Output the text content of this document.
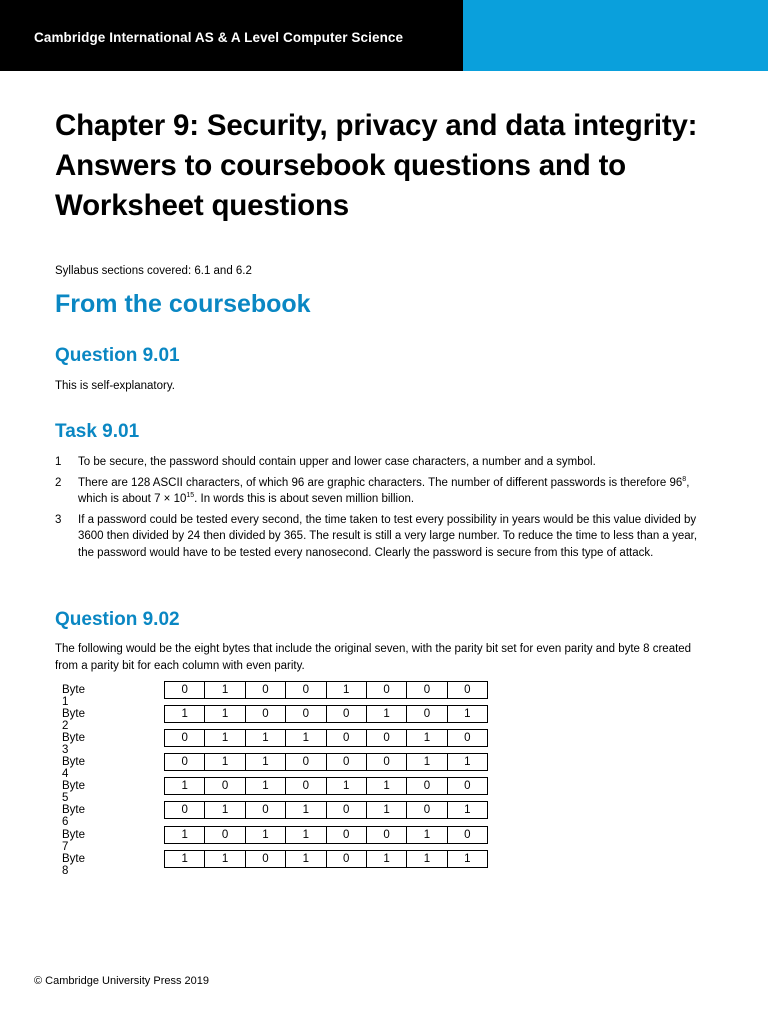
Cambridge International AS & A Level Computer Science
Chapter 9: Security, privacy and data integrity: Answers to coursebook questions and to Worksheet questions
Syllabus sections covered: 6.1 and 6.2
From the coursebook
Question 9.01
This is self-explanatory.
Task 9.01
1	To be secure, the password should contain upper and lower case characters, a number and a symbol.
2	There are 128 ASCII characters, of which 96 are graphic characters. The number of different passwords is therefore $96^8$, which is about $7 \times 10^{15}$. In words this is about seven million billion.
3	If a password could be tested every second, the time taken to test every possibility in years would be this value divided by 3600 then divided by 24 then divided by 365. The result is still a very large number. To reduce the time to less than a year, the password would have to be tested every nanosecond. Clearly the password is secure from this type of attack.
Question 9.02
The following would be the eight bytes that include the original seven, with the parity bit set for even parity and byte 8 created from a parity bit for each column with even parity.
Byte 1
0	1	0	0	1	0	0	0
Byte 2
1	1	0	0	0	1	0	1
Byte 3
0	1	1	1	0	0	1	0
Byte 4
0	1	1	0	0	0	1	1
Byte 5
1	0	1	0	1	1	0	0
Byte 6
0	1	0	1	0	1	0	1
Byte 7
1	0	1	1	0	0	1	0
Byte 8
1	1	0	1	0	1	1	1
© Cambridge University Press 2019
